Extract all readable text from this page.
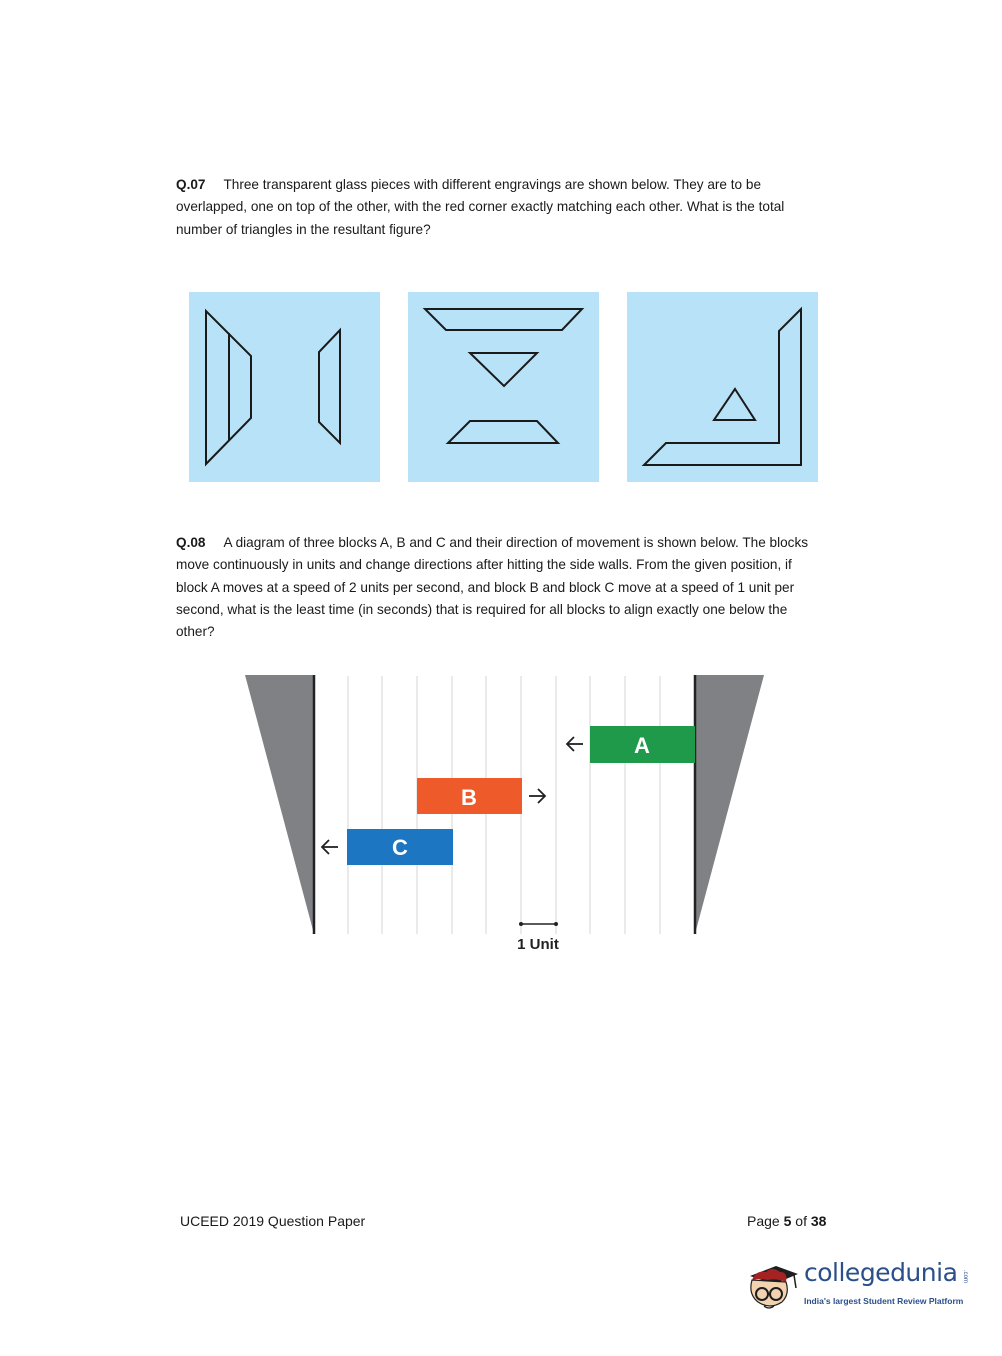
Q.07 Three transparent glass pieces with different engravings are shown below. They are to be overlapped, one on top of the other, with the red corner exactly matching each other. What is the total number of triangles in the resultant figure?
Q.08 A diagram of three blocks A, B and C and their direction of movement is shown below. The blocks move continuously in units and change directions after hitting the side walls. From the given position, if block A moves at a speed of 2 units per second, and block B and block C move at a speed of 1 unit per second, what is the least time (in seconds) that is required for all blocks to align exactly one below the other?
A
B
C
1 Unit
UCEED 2019 Question Paper	Page 5 of 38
collegedunia .com
India's largest Student Review Platform
